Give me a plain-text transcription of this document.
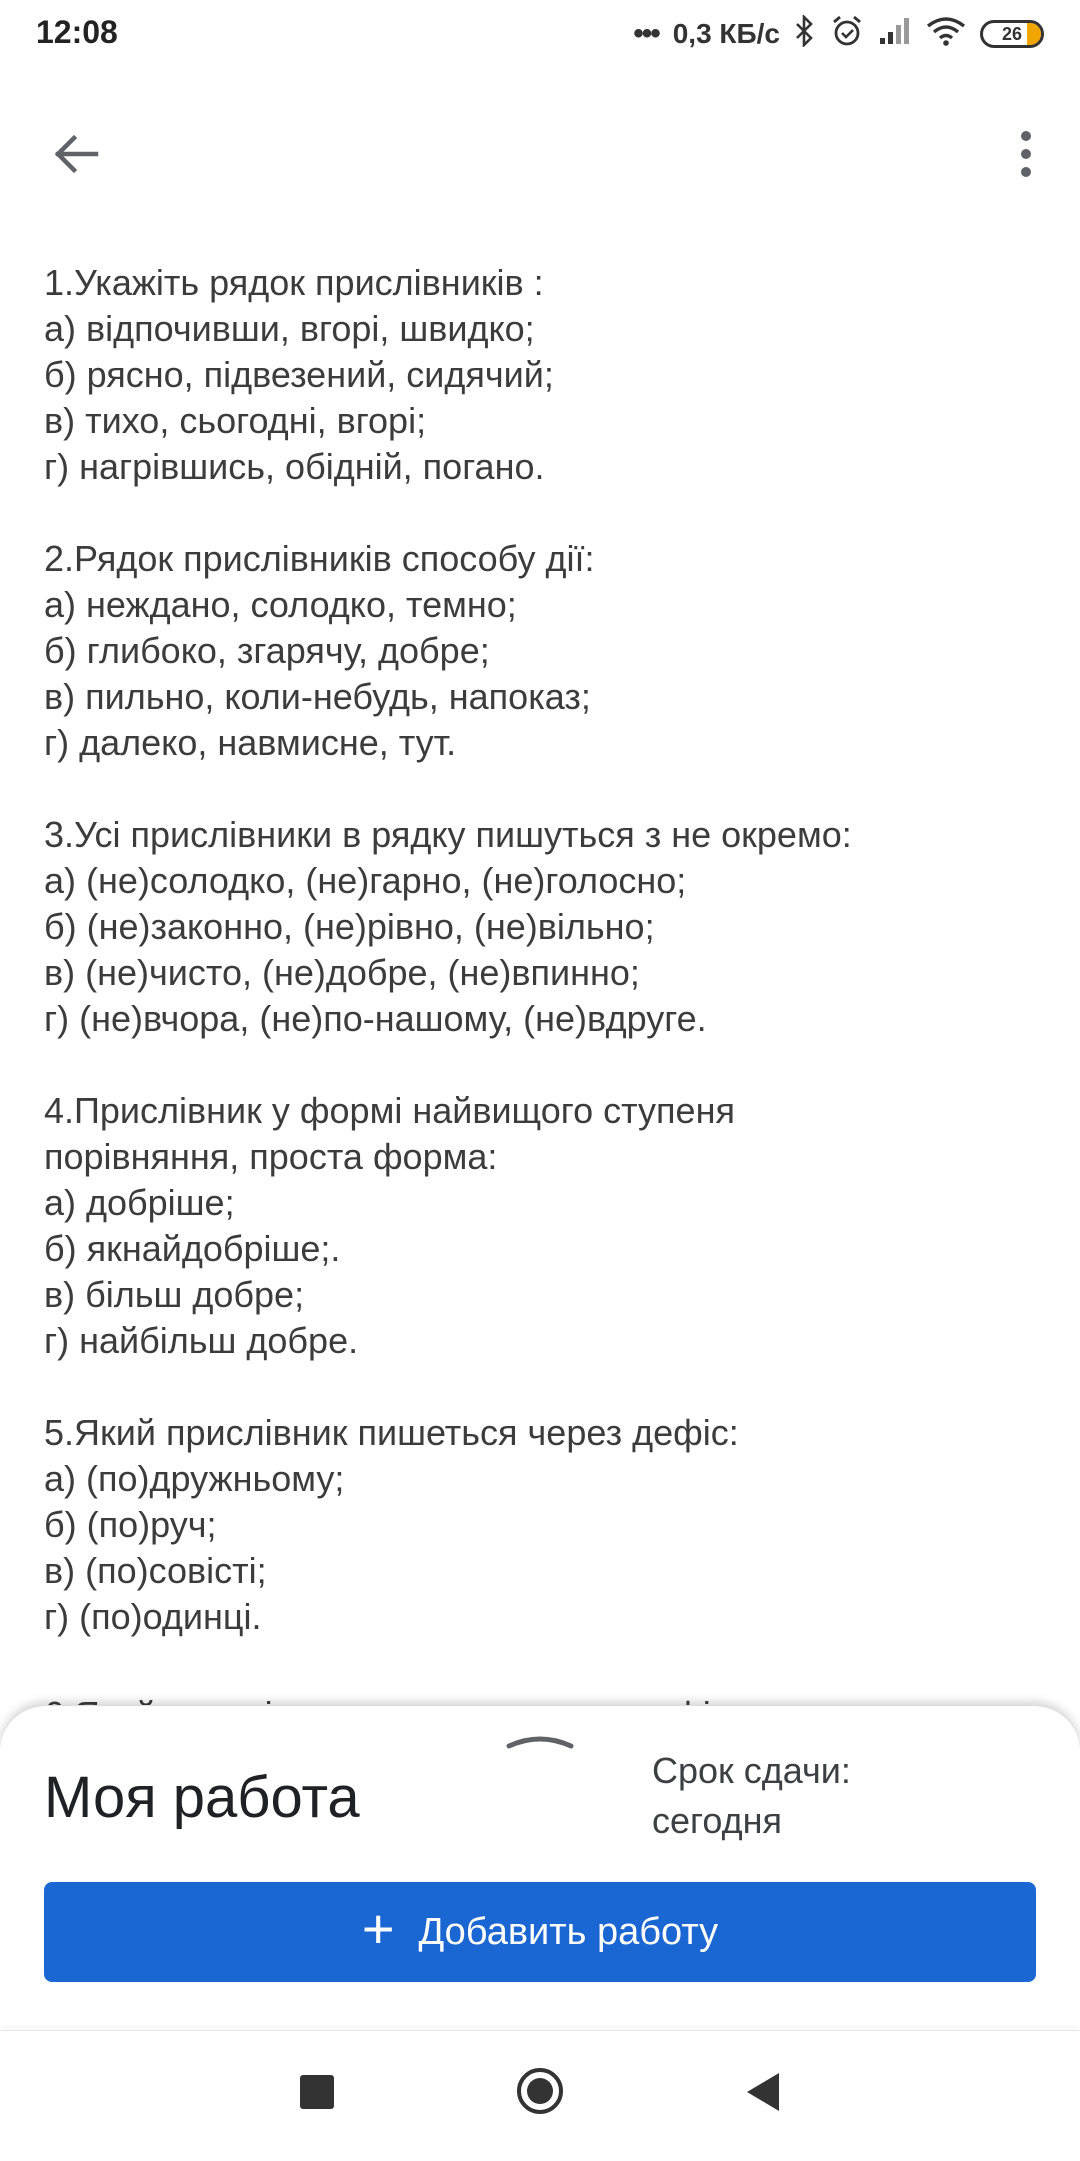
12:08	••• 0,3 КБ/с	26
1.Укажіть рядок прислівників :
а) відпочивши, вгорі, швидко;
б) рясно, підвезений, сидячий;
в) тихо, сьогодні, вгорі;
г) нагрівшись, обідній, погано.
2.Рядок прислівників способу дії:
а) неждано, солодко, темно;
б) глибоко, згарячу, добре;
в) пильно, коли-небудь, напоказ;
г) далеко, навмисне, тут.
3.Усі прислівники в рядку пишуться з не окремо:
а) (не)солодко, (не)гарно, (не)голосно;
б) (не)законно, (не)рівно, (не)вільно;
в) (не)чисто, (не)добре, (не)впинно;
г) (не)вчора, (не)по-нашому, (не)вдруге.
4.Прислівник у формі найвищого ступеня
порівняння, проста форма:
а) добріше;
б) якнайдобріше;.
в) більш добре;
г) найбільш добре.
5.Який прислівник пишеться через дефіс:
а) (по)дружньому;
б) (по)руч;
в) (по)совісті;
г) (по)одинці.
Моя работа	Срок сдачи:
сегодня
+ Добавить работу
